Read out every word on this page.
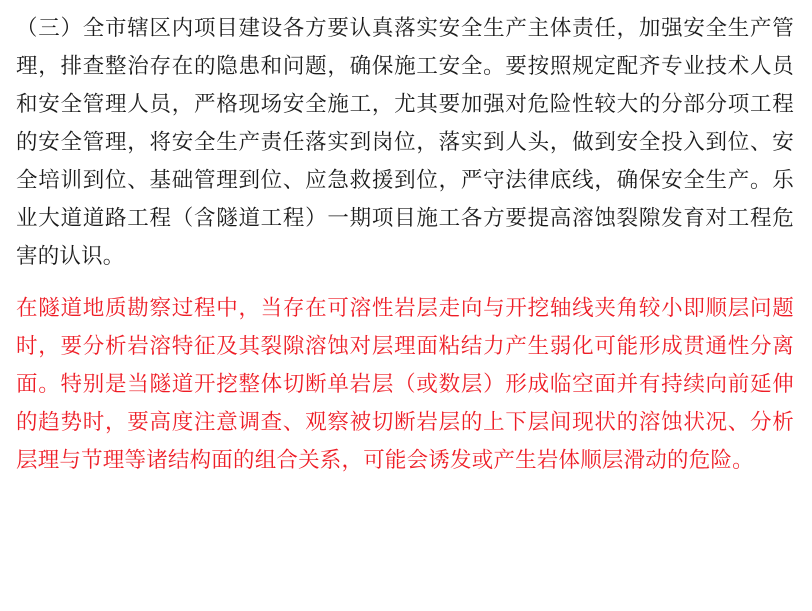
（三）全市辖区内项目建设各方要认真落实安全生产主体责任，加强安全生产管理，排查整治存在的隐患和问题，确保施工安全。要按照规定配齐专业技术人员和安全管理人员，严格现场安全施工，尤其要加强对危险性较大的分部分项工程的安全管理，将安全生产责任落实到岗位，落实到人头，做到安全投入到位、安全培训到位、基础管理到位、应急救援到位，严守法律底线，确保安全生产。乐业大道道路工程（含隧道工程）一期项目施工各方要提高溶蚀裂隙发育对工程危害的认识。

在隧道地质勘察过程中，当存在可溶性岩层走向与开挖轴线夹角较小即顺层问题时，要分析岩溶特征及其裂隙溶蚀对层理面粘结力产生弱化可能形成贯通性分离面。特别是当隧道开挖整体切断单岩层（或数层）形成临空面并有持续向前延伸的趋势时，要高度注意调查、观察被切断岩层的上下层间现状的溶蚀状况、分析层理与节理等诸结构面的组合关系，可能会诱发或产生岩体顺层滑动的危险。
